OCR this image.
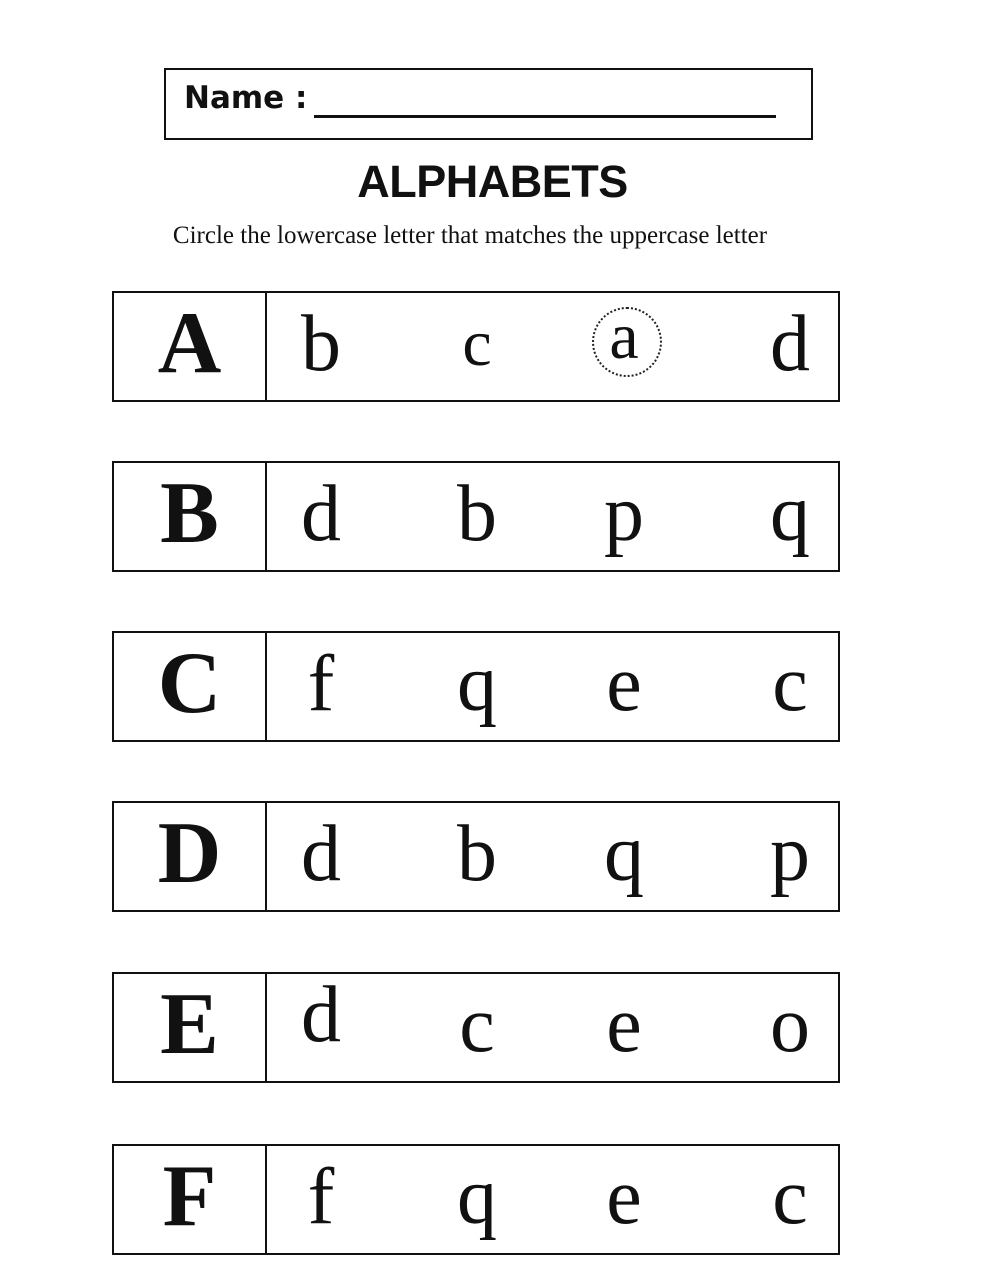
Name :
ALPHABETS
Circle the lowercase letter that matches the uppercase letter
A b	c	a	d
B	d b p q
C	f	q e c
D d b q p
E	d c e o
F	f	q e c
